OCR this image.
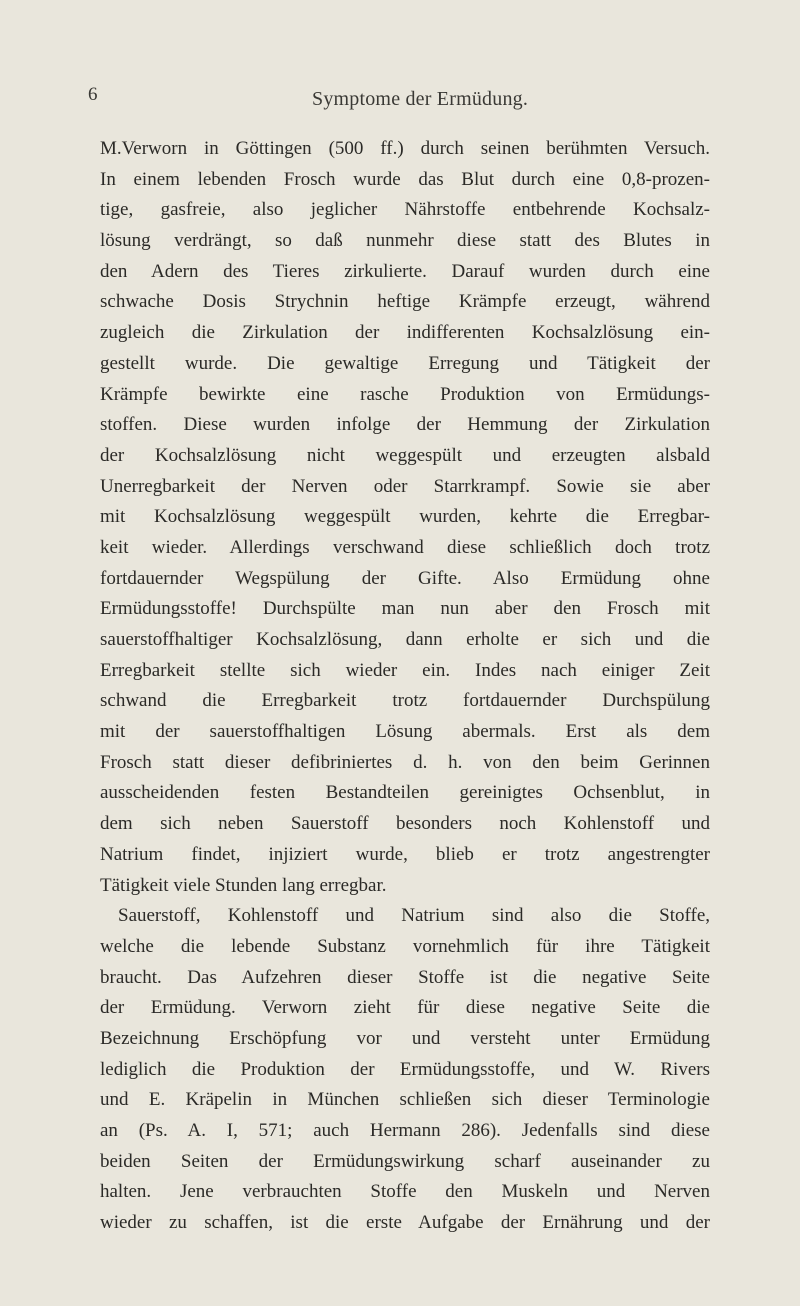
6	Symptome der Ermüdung.
M.Verworn in Göttingen (500 ff.) durch seinen berühmten Versuch.
In einem lebenden Frosch wurde das Blut durch eine 0,8-prozen-
tige, gasfreie, also jeglicher Nährstoffe entbehrende Kochsalz-
lösung verdrängt, so daß nunmehr diese statt des Blutes in
den Adern des Tieres zirkulierte. Darauf wurden durch eine
schwache Dosis Strychnin heftige Krämpfe erzeugt, während
zugleich die Zirkulation der indifferenten Kochsalzlösung ein-
gestellt wurde. Die gewaltige Erregung und Tätigkeit der
Krämpfe bewirkte eine rasche Produktion von Ermüdungs-
stoffen. Diese wurden infolge der Hemmung der Zirkulation
der Kochsalzlösung nicht weggespült und erzeugten alsbald
Unerregbarkeit der Nerven oder Starrkrampf. Sowie sie aber
mit Kochsalzlösung weggespült wurden, kehrte die Erregbar-
keit wieder. Allerdings verschwand diese schließlich doch trotz
fortdauernder Wegspülung der Gifte. Also Ermüdung ohne
Ermüdungsstoffe! Durchspülte man nun aber den Frosch mit
sauerstoffhaltiger Kochsalzlösung, dann erholte er sich und die
Erregbarkeit stellte sich wieder ein. Indes nach einiger Zeit
schwand die Erregbarkeit trotz fortdauernder Durchspülung
mit der sauerstoffhaltigen Lösung abermals. Erst als dem
Frosch statt dieser defibriniertes d. h. von den beim Gerinnen
ausscheidenden festen Bestandteilen gereinigtes Ochsenblut, in
dem sich neben Sauerstoff besonders noch Kohlenstoff und
Natrium findet, injiziert wurde, blieb er trotz angestrengter
Tätigkeit viele Stunden lang erregbar.
Sauerstoff, Kohlenstoff und Natrium sind also die Stoffe,
welche die lebende Substanz vornehmlich für ihre Tätigkeit
braucht. Das Aufzehren dieser Stoffe ist die negative Seite
der Ermüdung. Verworn zieht für diese negative Seite die
Bezeichnung Erschöpfung vor und versteht unter Ermüdung
lediglich die Produktion der Ermüdungsstoffe, und W. Rivers
und E. Kräpelin in München schließen sich dieser Terminologie
an (Ps. A. I, 571; auch Hermann 286). Jedenfalls sind diese
beiden Seiten der Ermüdungswirkung scharf auseinander zu
halten. Jene verbrauchten Stoffe den Muskeln und Nerven
wieder zu schaffen, ist die erste Aufgabe der Ernährung und der
